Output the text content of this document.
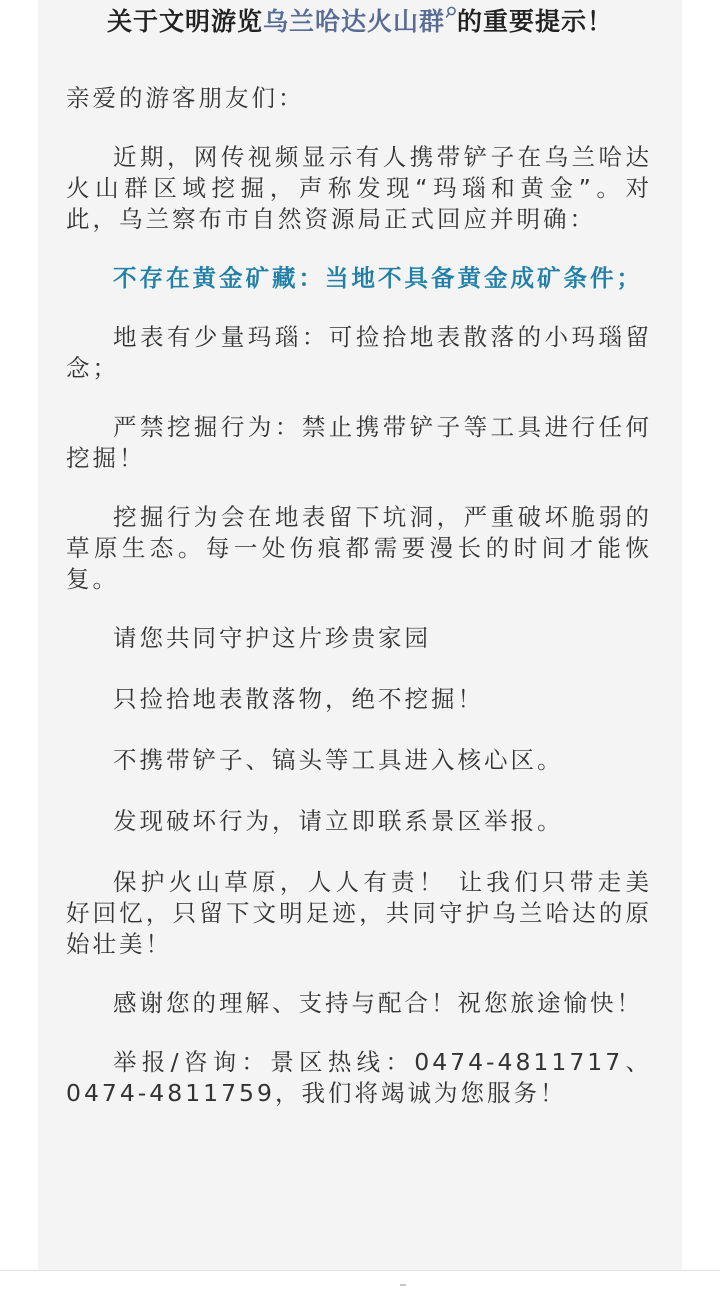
关于文明游览乌兰哈达火山群 的重要提示！

亲爱的游客朋友们：

近期，网传视频显示有人携带铲子在乌兰哈达火山群区域挖掘，声称发现“玛瑙和黄金”。对此，乌兰察布市自然资源局正式回应并明确：

不存在黄金矿藏：当地不具备黄金成矿条件；

地表有少量玛瑙：可捡拾地表散落的小玛瑙留念；

严禁挖掘行为：禁止携带铲子等工具进行任何挖掘！

挖掘行为会在地表留下坑洞，严重破坏脆弱的草原生态。每一处伤痕都需要漫长的时间才能恢复。

请您共同守护这片珍贵家园

只捡拾地表散落物，绝不挖掘！

不携带铲子、镐头等工具进入核心区。

发现破坏行为，请立即联系景区举报。

保护火山草原，人人有责！ 让我们只带走美好回忆，只留下文明足迹，共同守护乌兰哈达的原始壮美！

感谢您的理解、支持与配合！祝您旅途愉快！

举报/咨询：景区热线：0474-4811717、0474-4811759，我们将竭诚为您服务！
